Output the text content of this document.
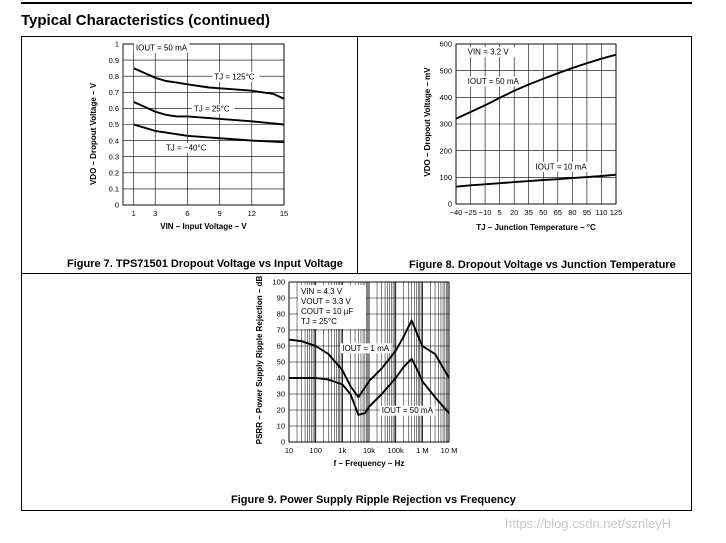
Typical Characteristics (continued)
0
0.1
0.2
0.3
0.4
0.5
0.6
0.7
0.8
0.9
1
1 3	6	9	12	15
VIN – Input Voltage – V
VDO – Dropout Voltage – V
IOUT = 50 mA
TJ = 125°C
TJ = 25°C
TJ = −40°C
0
100
200
300
400
500
600
−40 −25 −10 5 20 35 50 65 80 95 110 125
TJ – Junction Temperature – °C
VDO – Dropout Voltage – mV
VIN = 3.2 V
IOUT = 50 mA
IOUT = 10 mA
0
10
20
30
40
50
60
70
80
90
100
10 100 1k 10k 100k 1 M 10 M
f – Frequency – Hz
PSRR – Power Supply Ripple Rejection – dB	IOUT = 1 mA
IOUT = 50 mA
VIN = 4.3 V
VOUT = 3.3 V
COUT = 10 µF
TJ = 25°C
Figure 7. TPS71501 Dropout Voltage vs Input Voltage	Figure 8. Dropout Voltage vs Junction Temperature
Figure 9. Power Supply Ripple Rejection vs Frequency
https://blog.csdn.net/szrileyH
